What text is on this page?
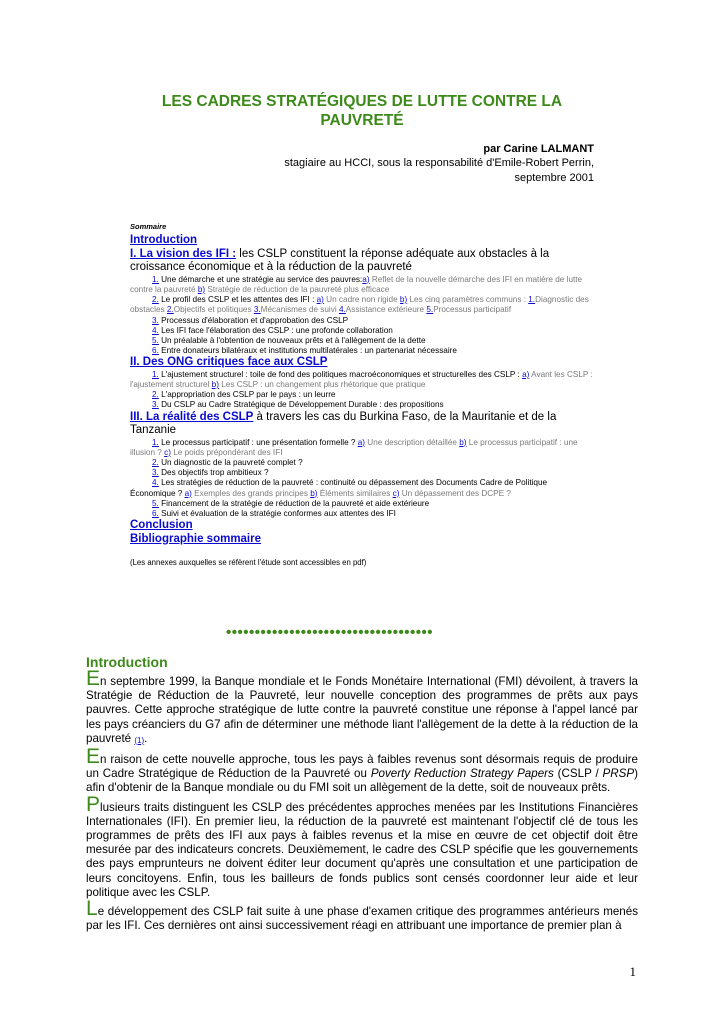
LES CADRES STRATÉGIQUES DE LUTTE CONTRE LA PAUVRETÉ
par Carine LALMANT
stagiaire au HCCI, sous la responsabilité d'Emile-Robert Perrin,
septembre 2001
Sommaire
Introduction
I. La vision des IFI : les CSLP constituent la réponse adéquate aux obstacles à la croissance économique et à la réduction de la pauvreté
1. Une démarche et une stratégie au service des pauvres:a) Reflet de la nouvelle démarche des IFI en matière de lutte contre la pauvreté b) Stratégie de réduction de la pauvreté plus efficace
2. Le profil des CSLP et les attentes des IFI : a) Un cadre non rigide b) Les cinq paramètres communs : 1.Diagnostic des obstacles 2.Objectifs et politiques 3.Mécanismes de suivi 4.Assistance extérieure 5.Processus participatif
3. Processus d'élaboration et d'approbation des CSLP
4. Les IFI face l'élaboration des CSLP : une profonde collaboration
5. Un préalable à l'obtention de nouveaux prêts et à l'allègement de la dette
6. Entre donateurs bilatéraux et institutions multilatérales : un partenariat nécessaire
II. Des ONG critiques face aux CSLP
1. L'ajustement structurel : toile de fond des politiques macroéconomiques et structurelles des CSLP : a) Avant les CSLP : l'ajustement structurel b) Les CSLP : un changement plus rhétorique que pratique
2. L'appropriation des CSLP par le pays : un leurre
3. Du CSLP au Cadre Stratégique de Développement Durable : des propositions
III. La réalité des CSLP à travers les cas du Burkina Faso, de la Mauritanie et de la Tanzanie
1. Le processus participatif : une présentation formelle ? a) Une description détaillée b) Le processus participatif : une illusion ? c) Le poids prépondérant des IFI
2. Un diagnostic de la pauvreté complet ?
3. Des objectifs trop ambitieux ?
4. Les stratégies de réduction de la pauvreté : continuité ou dépassement des Documents Cadre de Politique Économique ? a) Exemples des grands principes b) Éléments similaires c) Un dépassement des DCPE ?
5. Financement de la stratégie de réduction de la pauvreté et aide extérieure
6. Suivi et évaluation de la stratégie conformes aux attentes des IFI
Conclusion
Bibliographie sommaire
(Les annexes auxquelles se réfèrent l'étude sont accessibles en pdf)
••••••••••••••••••••••••••••••••••••
Introduction

En septembre 1999, la Banque mondiale et le Fonds Monétaire International (FMI) dévoilent, à travers la Stratégie de Réduction de la Pauvreté, leur nouvelle conception des programmes de prêts aux pays pauvres. Cette approche stratégique de lutte contre la pauvreté constitue une réponse à l'appel lancé par les pays créanciers du G7 afin de déterminer une méthode liant l'allègement de la dette à la réduction de la pauvreté (1).

En raison de cette nouvelle approche, tous les pays à faibles revenus sont désormais requis de produire un Cadre Stratégique de Réduction de la Pauvreté ou Poverty Reduction Strategy Papers (CSLP / PRSP) afin d'obtenir de la Banque mondiale ou du FMI soit un allègement de la dette, soit de nouveaux prêts.

Plusieurs traits distinguent les CSLP des précédentes approches menées par les Institutions Financières Internationales (IFI). En premier lieu, la réduction de la pauvreté est maintenant l'objectif clé de tous les programmes de prêts des IFI aux pays à faibles revenus et la mise en œuvre de cet objectif doit être mesurée par des indicateurs concrets. Deuxièmement, le cadre des CSLP spécifie que les gouvernements des pays emprunteurs ne doivent éditer leur document qu'après une consultation et une participation de leurs concitoyens. Enfin, tous les bailleurs de fonds publics sont censés coordonner leur aide et leur politique avec les CSLP.

Le développement des CSLP fait suite à une phase d'examen critique des programmes antérieurs menés par les IFI. Ces dernières ont ainsi successivement réagi en attribuant une importance de premier plan à

1
